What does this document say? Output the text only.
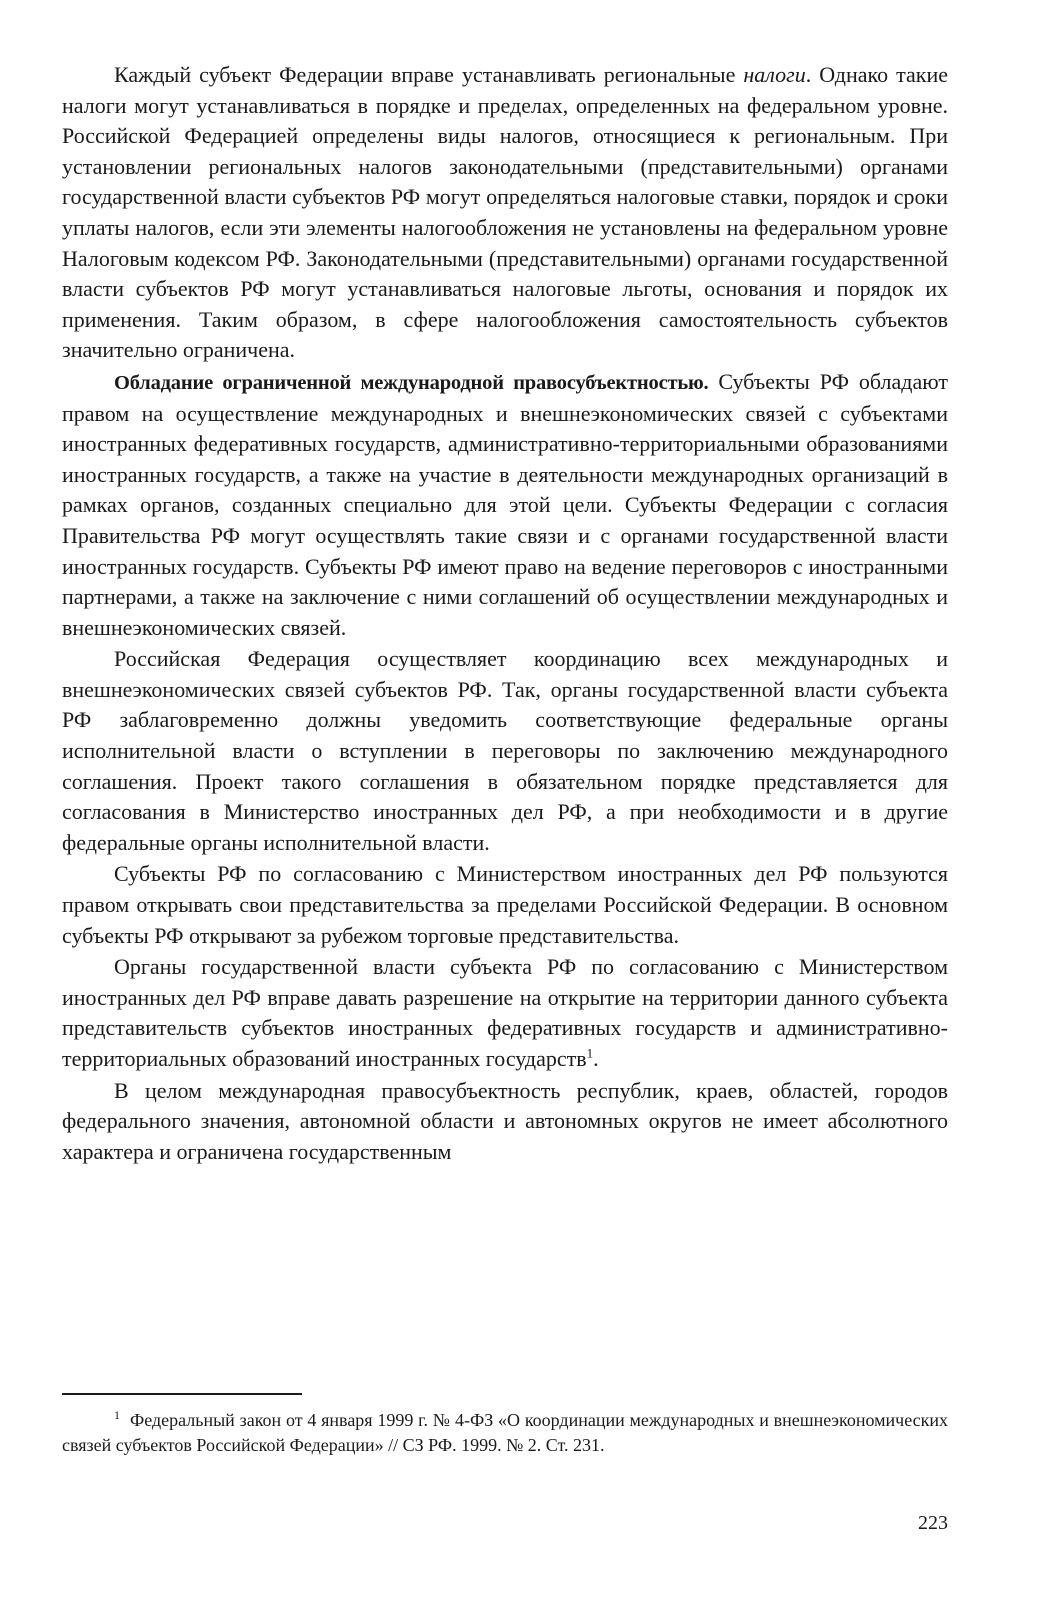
Каждый субъект Федерации вправе устанавливать региональные налоги. Однако такие налоги могут устанавливаться в порядке и пределах, определенных на федеральном уровне. Российской Федерацией определены виды налогов, относящиеся к региональным. При установлении региональных налогов законодательными (представительными) органами государственной власти субъектов РФ могут определяться налоговые ставки, порядок и сроки уплаты налогов, если эти элементы налогообложения не установлены на федеральном уровне Налоговым кодексом РФ. Законодательными (представительными) органами государственной власти субъектов РФ могут устанавливаться налоговые льготы, основания и порядок их применения. Таким образом, в сфере налогообложения самостоятельность субъектов значительно ограничена.

Обладание ограниченной международной правосубъектностью. Субъекты РФ обладают правом на осуществление международных и внешнеэкономических связей с субъектами иностранных федеративных государств, административно-территориальными образованиями иностранных государств, а также на участие в деятельности международных организаций в рамках органов, созданных специально для этой цели. Субъекты Федерации с согласия Правительства РФ могут осуществлять такие связи и с органами государственной власти иностранных государств. Субъекты РФ имеют право на ведение переговоров с иностранными партнерами, а также на заключение с ними соглашений об осуществлении международных и внешнеэкономических связей.

Российская Федерация осуществляет координацию всех международных и внешнеэкономических связей субъектов РФ. Так, органы государственной власти субъекта РФ заблаговременно должны уведомить соответствующие федеральные органы исполнительной власти о вступлении в переговоры по заключению международного соглашения. Проект такого соглашения в обязательном порядке представляется для согласования в Министерство иностранных дел РФ, а при необходимости и в другие федеральные органы исполнительной власти.

Субъекты РФ по согласованию с Министерством иностранных дел РФ пользуются правом открывать свои представительства за пределами Российской Федерации. В основном субъекты РФ открывают за рубежом торговые представительства.

Органы государственной власти субъекта РФ по согласованию с Министерством иностранных дел РФ вправе давать разрешение на открытие на территории данного субъекта представительств субъектов иностранных федеративных государств и административно-территориальных образований иностранных государств$^1$.

В целом международная правосубъектность республик, краев, областей, городов федерального значения, автономной области и автономных округов не имеет абсолютного характера и ограничена государственным

$^1$ Федеральный закон от 4 января 1999 г. № 4-ФЗ «О координации международных и внешнеэкономических связей субъектов Российской Федерации» // СЗ РФ. 1999. № 2. Ст. 231.

223
